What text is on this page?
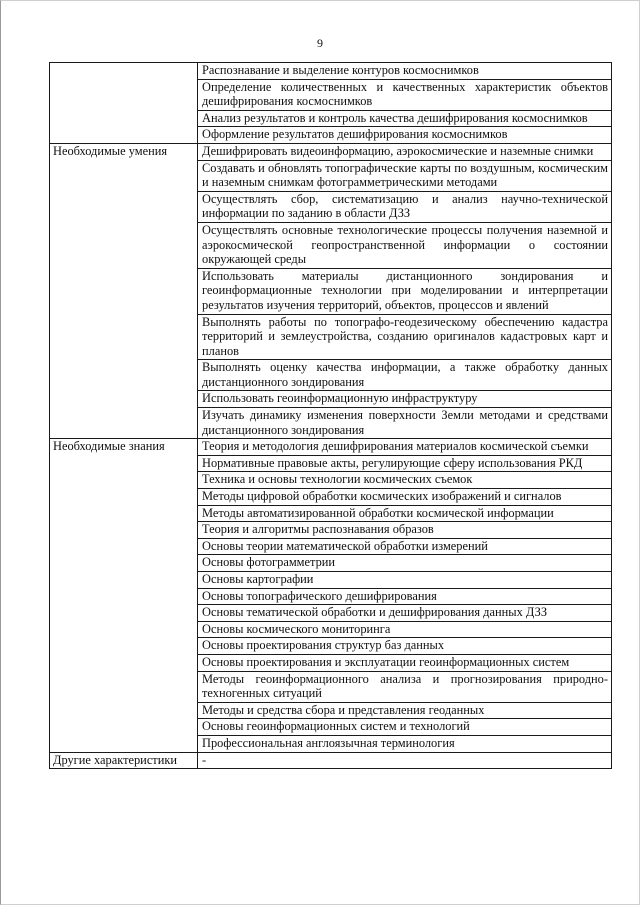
9
	Распознавание и выделение контуров космоснимков
	Определение количественных и качественных характеристик объектов дешифрирования космоснимков
	Анализ результатов и контроль качества дешифрирования космоснимков
	Оформление результатов дешифрирования космоснимков
Необходимые умения	Дешифрировать видеоинформацию, аэрокосмические и наземные снимки
	Создавать и обновлять топографические карты по воздушным, космическим и наземным снимкам фотограмметрическими методами
	Осуществлять сбор, систематизацию и анализ научно-технической информации по заданию в области ДЗЗ
	Осуществлять основные технологические процессы получения наземной и аэрокосмической геопространственной информации о состоянии окружающей среды
	Использовать материалы дистанционного зондирования и геоинформационные технологии при моделировании и интерпретации результатов изучения территорий, объектов, процессов и явлений
	Выполнять работы по топографо-геодезическому обеспечению кадастра территорий и землеустройства, созданию оригиналов кадастровых карт и планов
	Выполнять оценку качества информации, а также обработку данных дистанционного зондирования
	Использовать геоинформационную инфраструктуру
	Изучать динамику изменения поверхности Земли методами и средствами дистанционного зондирования
Необходимые знания	Теория и методология дешифрирования материалов космической съемки
	Нормативные правовые акты, регулирующие сферу использования РКД
	Техника и основы технологии космических съемок
	Методы цифровой обработки космических изображений и сигналов
	Методы автоматизированной обработки космической информации
	Теория и алгоритмы распознавания образов
	Основы теории математической обработки измерений
	Основы фотограмметрии
	Основы картографии
	Основы топографического дешифрирования
	Основы тематической обработки и дешифрирования данных ДЗЗ
	Основы космического мониторинга
	Основы проектирования структур баз данных
	Основы проектирования и эксплуатации геоинформационных систем
	Методы геоинформационного анализа и прогнозирования природно-техногенных ситуаций
	Методы и средства сбора и представления геоданных
	Основы геоинформационных систем и технологий
	Профессиональная англоязычная терминология
Другие характеристики	-
